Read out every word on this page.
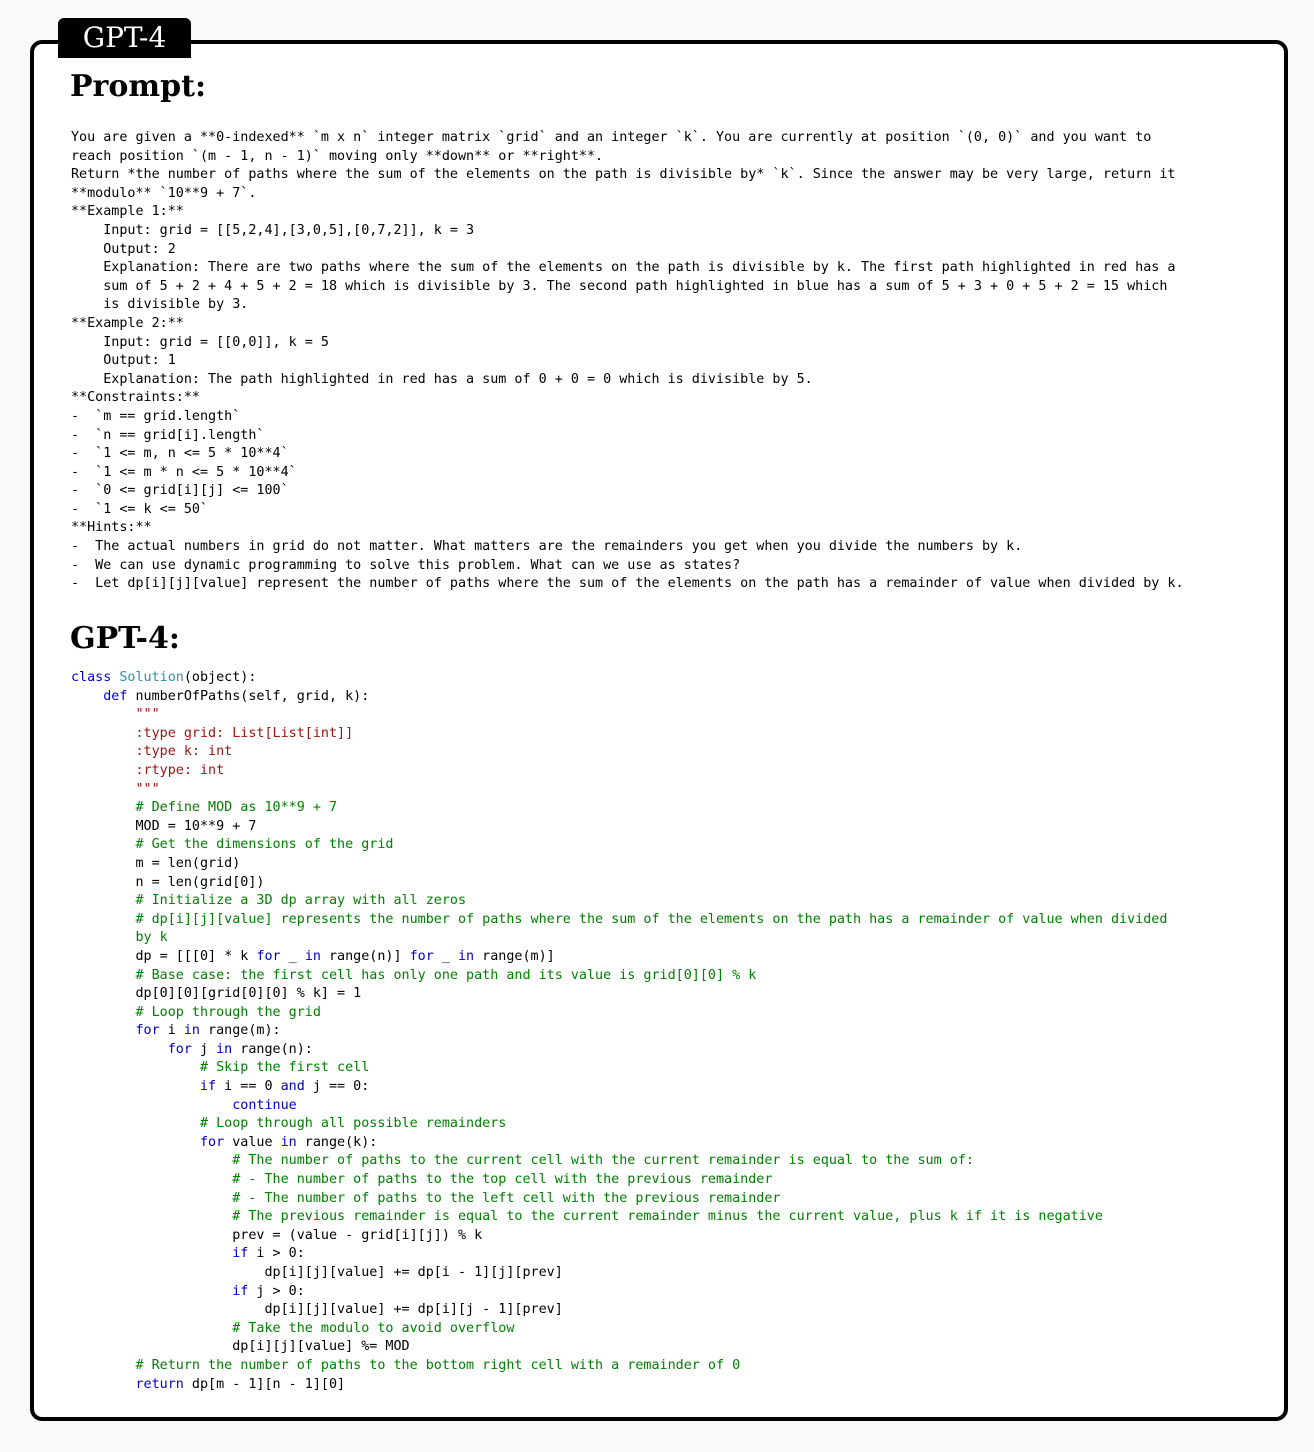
GPT-4
Prompt:
You are given a **0-indexed** `m x n` integer matrix `grid` and an integer `k`. You are currently at position `(0, 0)` and you want to
reach position `(m - 1, n - 1)` moving only **down** or **right**.
Return *the number of paths where the sum of the elements on the path is divisible by* `k`. Since the answer may be very large, return it
**modulo** `10**9 + 7`.
**Example 1:**
Input: grid = [[5,2,4],[3,0,5],[0,7,2]], k = 3
Output: 2
Explanation: There are two paths where the sum of the elements on the path is divisible by k. The first path highlighted in red has a
sum of 5 + 2 + 4 + 5 + 2 = 18 which is divisible by 3. The second path highlighted in blue has a sum of 5 + 3 + 0 + 5 + 2 = 15 which
is divisible by 3.
**Example 2:**
Input: grid = [[0,0]], k = 5
Output: 1
Explanation: The path highlighted in red has a sum of 0 + 0 = 0 which is divisible by 5.
**Constraints:**
-  `m == grid.length`
-  `n == grid[i].length`
-  `1 <= m, n <= 5 * 10**4`
-  `1 <= m * n <= 5 * 10**4`
-  `0 <= grid[i][j] <= 100`
-  `1 <= k <= 50`
**Hints:**
-  The actual numbers in grid do not matter. What matters are the remainders you get when you divide the numbers by k.
-  We can use dynamic programming to solve this problem. What can we use as states?
-  Let dp[i][j][value] represent the number of paths where the sum of the elements on the path has a remainder of value when divided by k.
GPT-4:
class Solution(object):
def numberOfPaths(self, grid, k):
"""
:type grid: List[List[int]]
:type k: int
:rtype: int
"""
# Define MOD as 10**9 + 7
MOD = 10**9 + 7
# Get the dimensions of the grid
m = len(grid)
n = len(grid[0])
# Initialize a 3D dp array with all zeros
# dp[i][j][value] represents the number of paths where the sum of the elements on the path has a remainder of value when divided
by k
dp = [[[0] * k for _ in range(n)] for _ in range(m)]
# Base case: the first cell has only one path and its value is grid[0][0] % k
dp[0][0][grid[0][0] % k] = 1
# Loop through the grid
for i in range(m):
for j in range(n):
# Skip the first cell
if i == 0 and j == 0:
continue
# Loop through all possible remainders
for value in range(k):
# The number of paths to the current cell with the current remainder is equal to the sum of:
# - The number of paths to the top cell with the previous remainder
# - The number of paths to the left cell with the previous remainder
# The previous remainder is equal to the current remainder minus the current value, plus k if it is negative
prev = (value - grid[i][j]) % k
if i > 0:
dp[i][j][value] += dp[i - 1][j][prev]
if j > 0:
dp[i][j][value] += dp[i][j - 1][prev]
# Take the modulo to avoid overflow
dp[i][j][value] %= MOD
# Return the number of paths to the bottom right cell with a remainder of 0
return dp[m - 1][n - 1][0]
